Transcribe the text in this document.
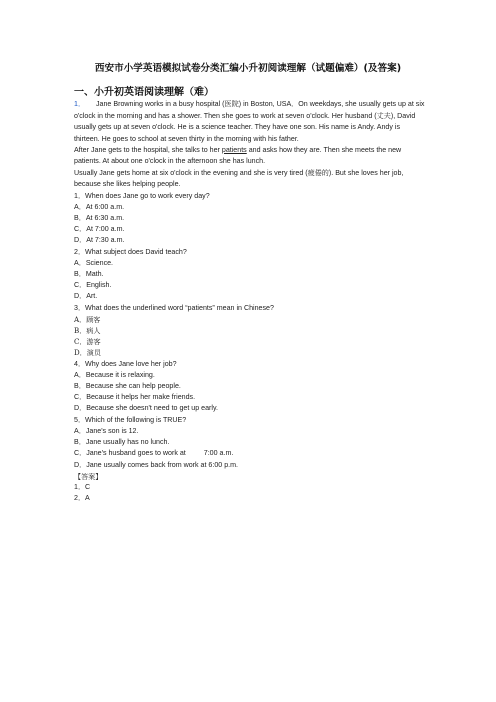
西安市小学英语模拟试卷分类汇编小升初阅读理解（试题偏难）(及答案)
一、小升初英语阅读理解（难）

1． Jane Browning works in a busy hospital (医院) in Boston, USA．On weekdays, she usually gets up at six o'clock in the morning and has a shower. Then she goes to work at seven o'clock. Her husband (丈夫), David usually gets up at seven o'clock. He is a science teacher. They have one son. His name is Andy. Andy is thirteen. He goes to school at seven thirty in the morning with his father.

After Jane gets to the hospital, she talks to her patients and asks how they are. Then she meets the new patients. At about one o'clock in the afternoon she has lunch.

Usually Jane gets home at six o'clock in the evening and she is very tired (疲倦的). But she loves her job, because she likes helping people.

1．When does Jane go to work every day?

A．At 6:00 a.m.

B．At 6:30 a.m.

C．At 7:00 a.m.

D．At 7:30 a.m.

2．What subject does David teach?

A．Science.

B．Math.

C．English.

D．Art.

3．What does the underlined word “patients” mean in Chinese?

A．顾客

B．病人

C．游客

D．演员

4．Why does Jane love her job?

A．Because it is relaxing.

B．Because she can help people.

C．Because it helps her make friends.

D．Because she doesn't need to get up early.

5．Which of the following is TRUE?

A．Jane's son is 12.

B．Jane usually has no lunch.

C．Jane's husband goes to work at	7:00 a.m.

D．Jane usually comes back from work at 6:00 p.m.

【答案】

1．C

2．A
